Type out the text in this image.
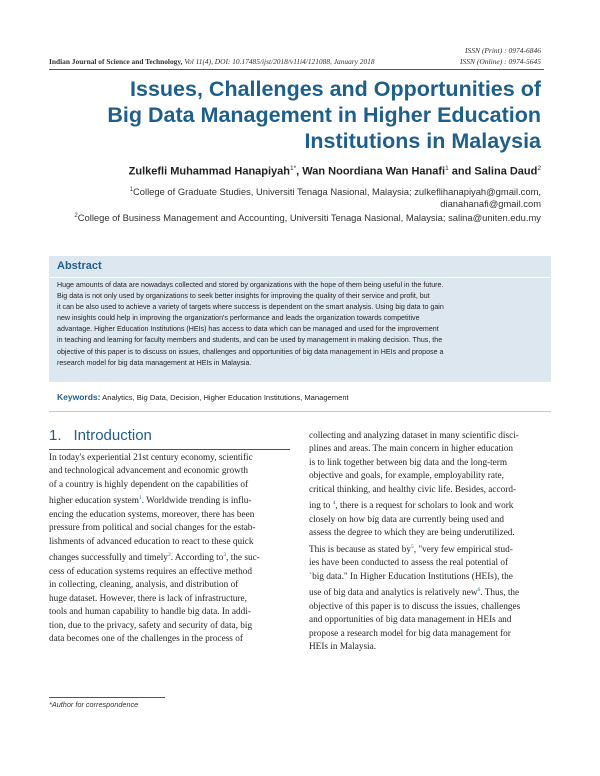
ISSN (Print) : 0974-6846
ISSN (Online) : 0974-5645
Indian Journal of Science and Technology, Vol 11(4), DOI: 10.17485/ijst/2018/v11i4/121088, January 2018
Issues, Challenges and Opportunities of
Big Data Management in Higher Education
Institutions in Malaysia
Zulkefli Muhammad Hanapiyah$^{1*}$, Wan Noordiana Wan Hanafi$^1$ and Salina Daud$^2$
$^1$College of Graduate Studies, Universiti Tenaga Nasional, Malaysia; zulkeflihanapiyah@gmail.com,
dianahanafi@gmail.com
$^2$College of Business Management and Accounting, Universiti Tenaga Nasional, Malaysia; salina@uniten.edu.my
Abstract
Huge amounts of data are nowadays collected and stored by organizations with the hope of them being useful in the future.
Big data is not only used by organizations to seek better insights for improving the quality of their service and profit, but
it can be also used to achieve a variety of targets where success is dependent on the smart analysis. Using big data to gain
new insights could help in improving the organization's performance and leads the organization towards competitive
advantage. Higher Education Institutions (HEIs) has access to data which can be managed and used for the improvement
in teaching and learning for faculty members and students, and can be used by management in making decision. Thus, the
objective of this paper is to discuss on issues, challenges and opportunities of big data management in HEIs and propose a
research model for big data management at HEIs in Malaysia.
Keywords: Analytics, Big Data, Decision, Higher Education Institutions, Management
1. Introduction
In today's experiential 21st century economy, scientific
and technological advancement and economic growth
of a country is highly dependent on the capabilities of
higher education system$^1$. Worldwide trending is influ-
encing the education systems, moreover, there has been
pressure from political and social changes for the estab-
lishments of advanced education to react to these quick
changes successfully and timely$^2$. According to$^3$, the suc-
cess of education systems requires an effective method
in collecting, cleaning, analysis, and distribution of
huge dataset. However, there is lack of infrastructure,
tools and human capability to handle big data. In addi-
tion, due to the privacy, safety and security of data, big
data becomes one of the challenges in the process of
collecting and analyzing dataset in many scientific disci-
plines and areas. The main concern in higher education
is to link together between big data and the long-term
objective and goals, for example, employability rate,
critical thinking, and healthy civic life. Besides, accord-
ing to $^4$, there is a request for scholars to look and work
closely on how big data are currently being used and
assess the degree to which they are being underutilized.
This is because as stated by$^5$, "very few empirical stud-
ies have been conducted to assess the real potential of
`big data." In Higher Education Institutions (HEIs), the
use of big data and analytics is relatively new$^6$. Thus, the
objective of this paper is to discuss the issues, challenges
and opportunities of big data management in HEIs and
propose a research model for big data management for
HEIs in Malaysia.
*Author for correspondence
